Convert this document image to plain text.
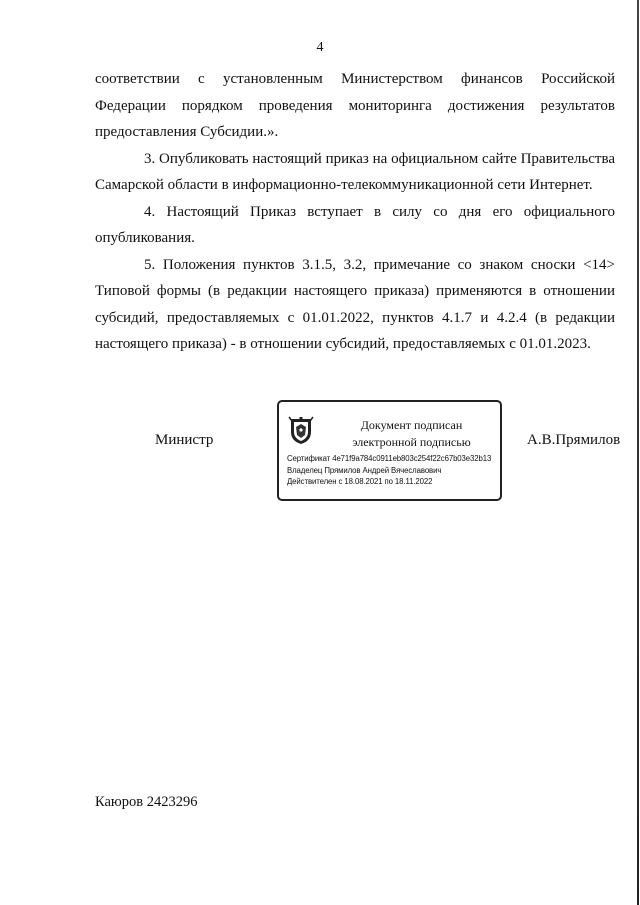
4

соответствии с установленным Министерством финансов Российской Федерации порядком проведения мониторинга достижения результатов предоставления Субсидии.».

3. Опубликовать настоящий приказ на официальном сайте Правительства Самарской области в информационно-телекоммуникационной сети Интернет.

4. Настоящий Приказ вступает в силу со дня его официального опубликования.

5. Положения пунктов 3.1.5, 3.2, примечание со знаком сноски <14> Типовой формы (в редакции настоящего приказа) применяются в отношении субсидий, предоставляемых с 01.01.2022, пунктов 4.1.7 и 4.2.4 (в редакции настоящего приказа) - в отношении субсидий, предоставляемых с 01.01.2023.

Министр
Документ подписан
электронной подписью
Сертификат 4e71f9a784c0911eb803c254f22c67b03e32b13
Владелец Прямилов Андрей Вячеславович
Действителен с 18.08.2021 по 18.11.2022
А.В.Прямилов
Каюров 2423296
